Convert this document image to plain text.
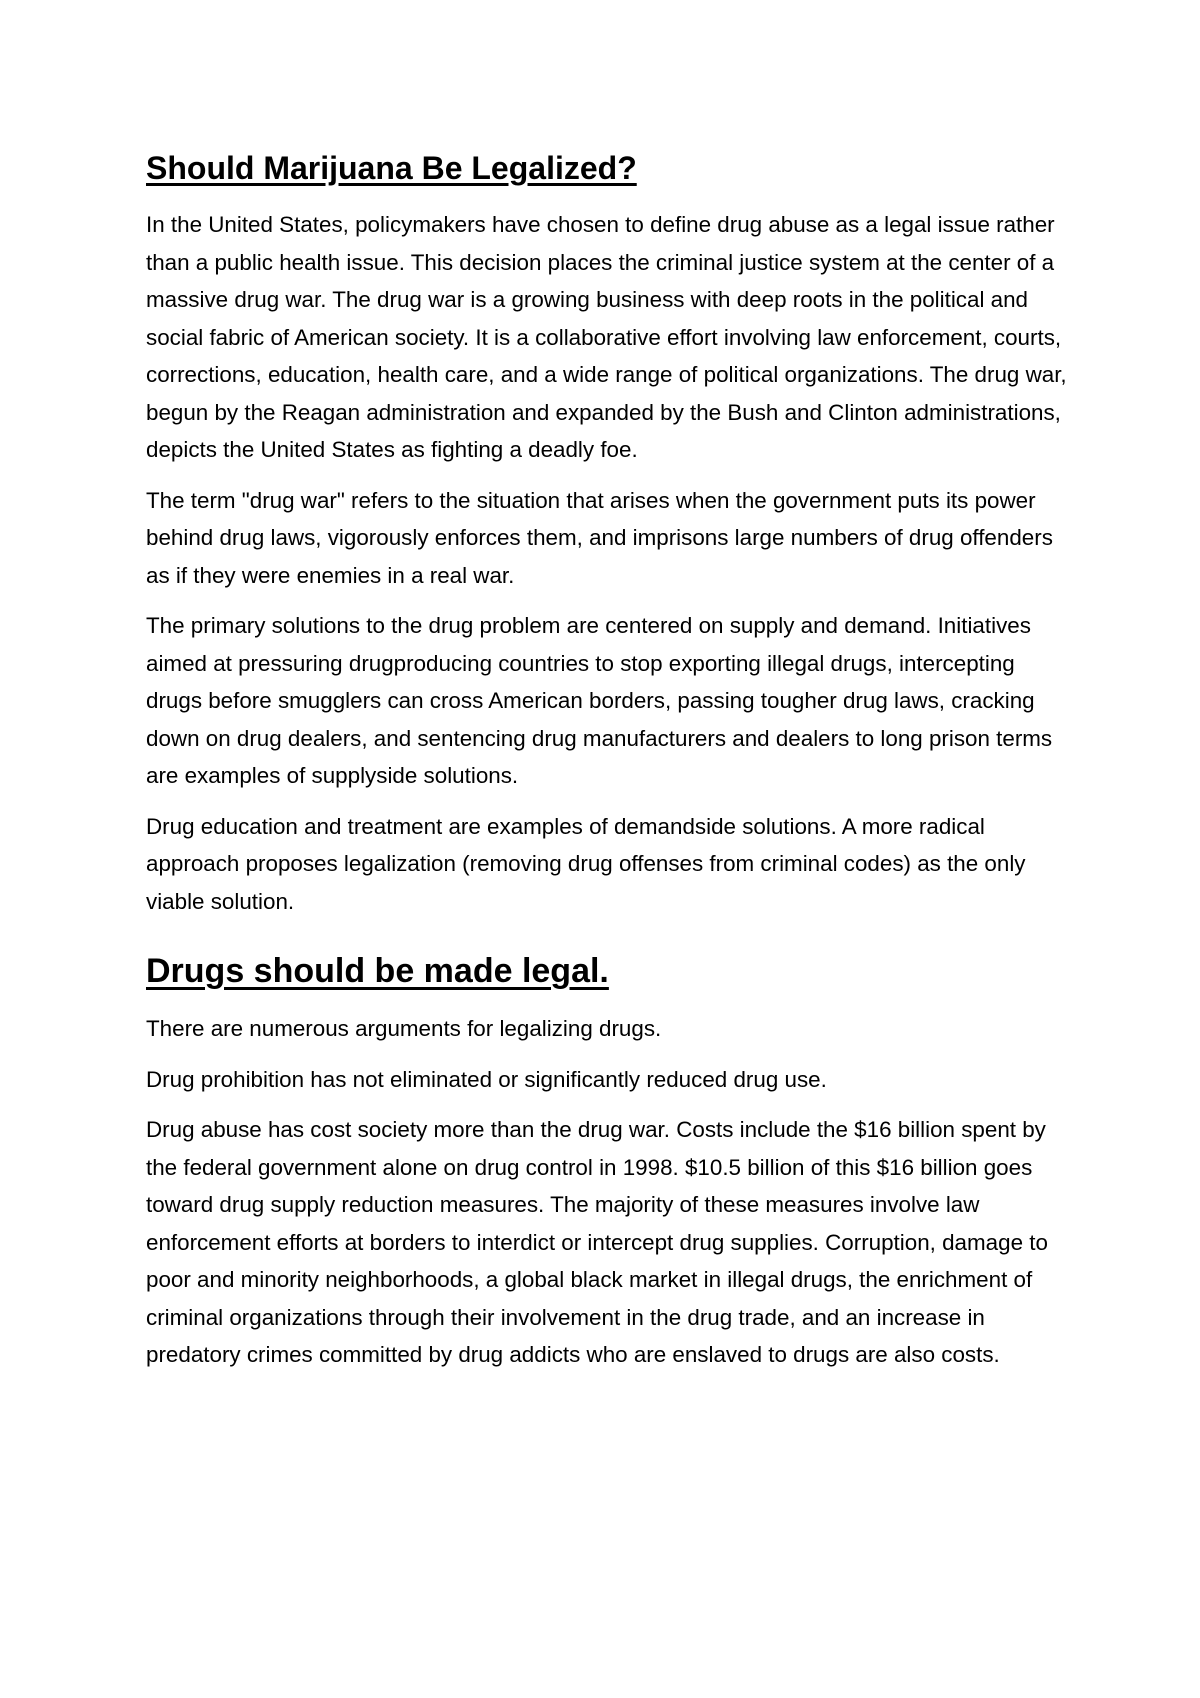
Should Marijuana Be Legalized?

In the United States, policymakers have chosen to define drug abuse as a legal issue rather than a public health issue. This decision places the criminal justice system at the center of a massive drug war. The drug war is a growing business with deep roots in the political and social fabric of American society. It is a collaborative effort involving law enforcement, courts, corrections, education, health care, and a wide range of political organizations. The drug war, begun by the Reagan administration and expanded by the Bush and Clinton administrations, depicts the United States as fighting a deadly foe.

The term "drug war" refers to the situation that arises when the government puts its power behind drug laws, vigorously enforces them, and imprisons large numbers of drug offenders as if they were enemies in a real war.

The primary solutions to the drug problem are centered on supply and demand. Initiatives aimed at pressuring drugproducing countries to stop exporting illegal drugs, intercepting drugs before smugglers can cross American borders, passing tougher drug laws, cracking down on drug dealers, and sentencing drug manufacturers and dealers to long prison terms are examples of supplyside solutions.

Drug education and treatment are examples of demandside solutions. A more radical approach proposes legalization (removing drug offenses from criminal codes) as the only viable solution.

Drugs should be made legal.

There are numerous arguments for legalizing drugs.

Drug prohibition has not eliminated or significantly reduced drug use.

Drug abuse has cost society more than the drug war. Costs include the $16 billion spent by the federal government alone on drug control in 1998. $10.5 billion of this $16 billion goes toward drug supply reduction measures. The majority of these measures involve law enforcement efforts at borders to interdict or intercept drug supplies. Corruption, damage to poor and minority neighborhoods, a global black market in illegal drugs, the enrichment of criminal organizations through their involvement in the drug trade, and an increase in predatory crimes committed by drug addicts who are enslaved to drugs are also costs.
